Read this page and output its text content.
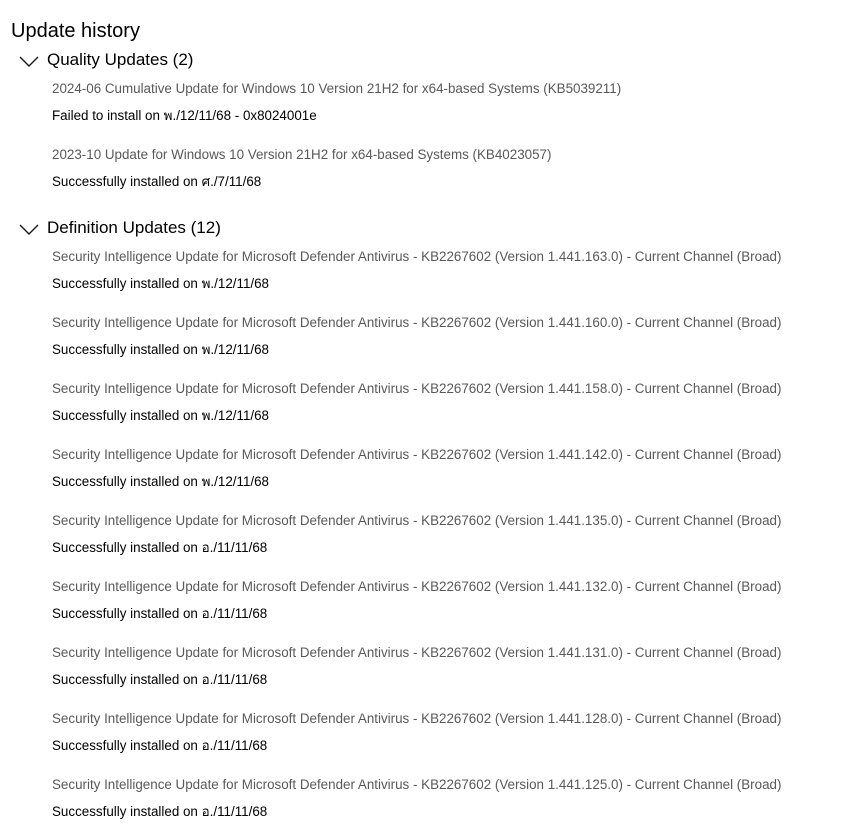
Update history
Quality Updates (2)
2024-06 Cumulative Update for Windows 10 Version 21H2 for x64-based Systems (KB5039211)
Failed to install on พ./12/11/68 - 0x8024001e
2023-10 Update for Windows 10 Version 21H2 for x64-based Systems (KB4023057)
Successfully installed on ศ./7/11/68
Definition Updates (12)
Security Intelligence Update for Microsoft Defender Antivirus - KB2267602 (Version 1.441.163.0) - Current Channel (Broad)
Successfully installed on พ./12/11/68
Security Intelligence Update for Microsoft Defender Antivirus - KB2267602 (Version 1.441.160.0) - Current Channel (Broad)
Successfully installed on พ./12/11/68
Security Intelligence Update for Microsoft Defender Antivirus - KB2267602 (Version 1.441.158.0) - Current Channel (Broad)
Successfully installed on พ./12/11/68
Security Intelligence Update for Microsoft Defender Antivirus - KB2267602 (Version 1.441.142.0) - Current Channel (Broad)
Successfully installed on พ./12/11/68
Security Intelligence Update for Microsoft Defender Antivirus - KB2267602 (Version 1.441.135.0) - Current Channel (Broad)
Successfully installed on อ./11/11/68
Security Intelligence Update for Microsoft Defender Antivirus - KB2267602 (Version 1.441.132.0) - Current Channel (Broad)
Successfully installed on อ./11/11/68
Security Intelligence Update for Microsoft Defender Antivirus - KB2267602 (Version 1.441.131.0) - Current Channel (Broad)
Successfully installed on อ./11/11/68
Security Intelligence Update for Microsoft Defender Antivirus - KB2267602 (Version 1.441.128.0) - Current Channel (Broad)
Successfully installed on อ./11/11/68
Security Intelligence Update for Microsoft Defender Antivirus - KB2267602 (Version 1.441.125.0) - Current Channel (Broad)
Successfully installed on อ./11/11/68
